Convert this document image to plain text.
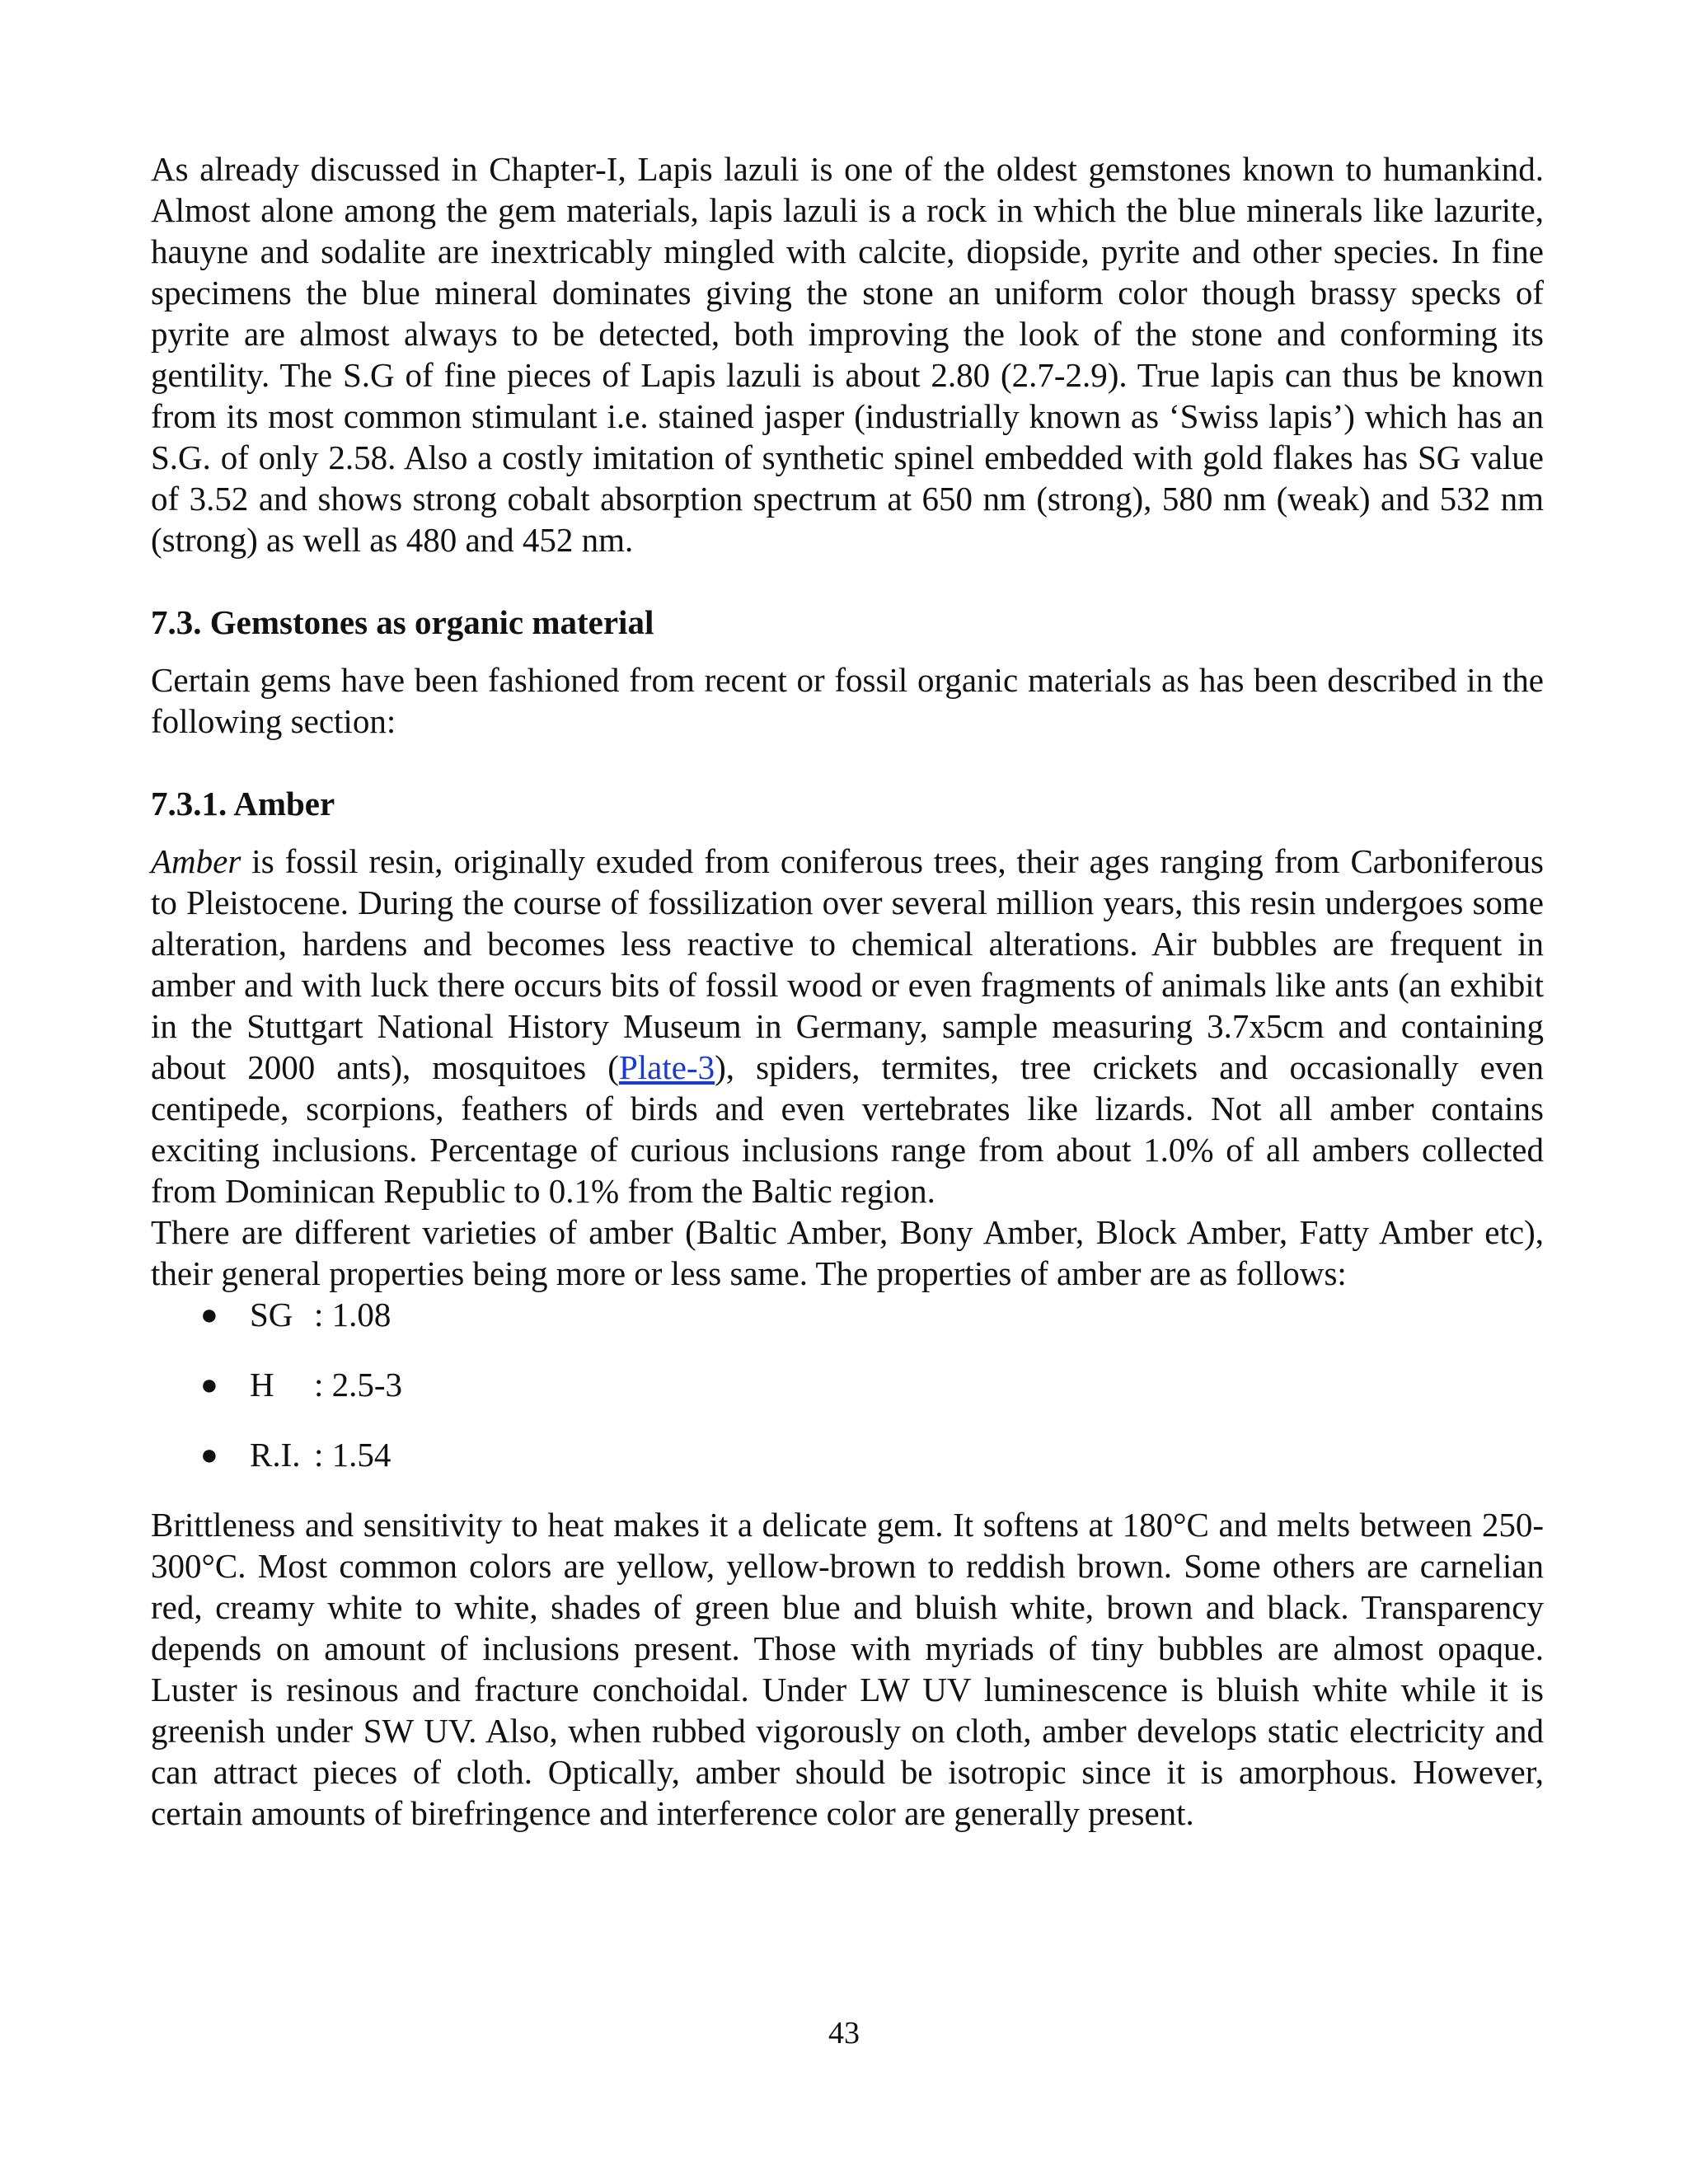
As already discussed in Chapter-I, Lapis lazuli is one of the oldest gemstones known to humankind. Almost alone among the gem materials, lapis lazuli is a rock in which the blue minerals like lazurite, hauyne and sodalite are inextricably mingled with calcite, diopside, pyrite and other species. In fine specimens the blue mineral dominates giving the stone an uniform color though brassy specks of pyrite are almost always to be detected, both improving the look of the stone and conforming its gentility. The S.G of fine pieces of Lapis lazuli is about 2.80 (2.7-2.9). True lapis can thus be known from its most common stimulant i.e. stained jasper (industrially known as ‘Swiss lapis’) which has an S.G. of only 2.58. Also a costly imitation of synthetic spinel embedded with gold flakes has SG value of 3.52 and shows strong cobalt absorption spectrum at 650 nm (strong), 580 nm (weak) and 532 nm (strong) as well as 480 and 452 nm.

7.3. Gemstones as organic material

Certain gems have been fashioned from recent or fossil organic materials as has been described in the following section:

7.3.1. Amber

Amber is fossil resin, originally exuded from coniferous trees, their ages ranging from Carboniferous to Pleistocene. During the course of fossilization over several million years, this resin undergoes some alteration, hardens and becomes less reactive to chemical alterations. Air bubbles are frequent in amber and with luck there occurs bits of fossil wood or even fragments of animals like ants (an exhibit in the Stuttgart National History Museum in Germany, sample measuring 3.7x5cm and containing about 2000 ants), mosquitoes (Plate-3), spiders, termites, tree crickets and occasionally even centipede, scorpions, feathers of birds and even vertebrates like lizards. Not all amber contains exciting inclusions. Percentage of curious inclusions range from about 1.0% of all ambers collected from Dominican Republic to 0.1% from the Baltic region.

There are different varieties of amber (Baltic Amber, Bony Amber, Block Amber, Fatty Amber etc), their general properties being more or less same. The properties of amber are as follows:

● SG : 1.08
● H : 2.5-3
● R.I. : 1.54

Brittleness and sensitivity to heat makes it a delicate gem. It softens at 180°C and melts between 250-300°C. Most common colors are yellow, yellow-brown to reddish brown. Some others are carnelian red, creamy white to white, shades of green blue and bluish white, brown and black. Transparency depends on amount of inclusions present. Those with myriads of tiny bubbles are almost opaque. Luster is resinous and fracture conchoidal. Under LW UV luminescence is bluish white while it is greenish under SW UV. Also, when rubbed vigorously on cloth, amber develops static electricity and can attract pieces of cloth. Optically, amber should be isotropic since it is amorphous. However, certain amounts of birefringence and interference color are generally present.

43
